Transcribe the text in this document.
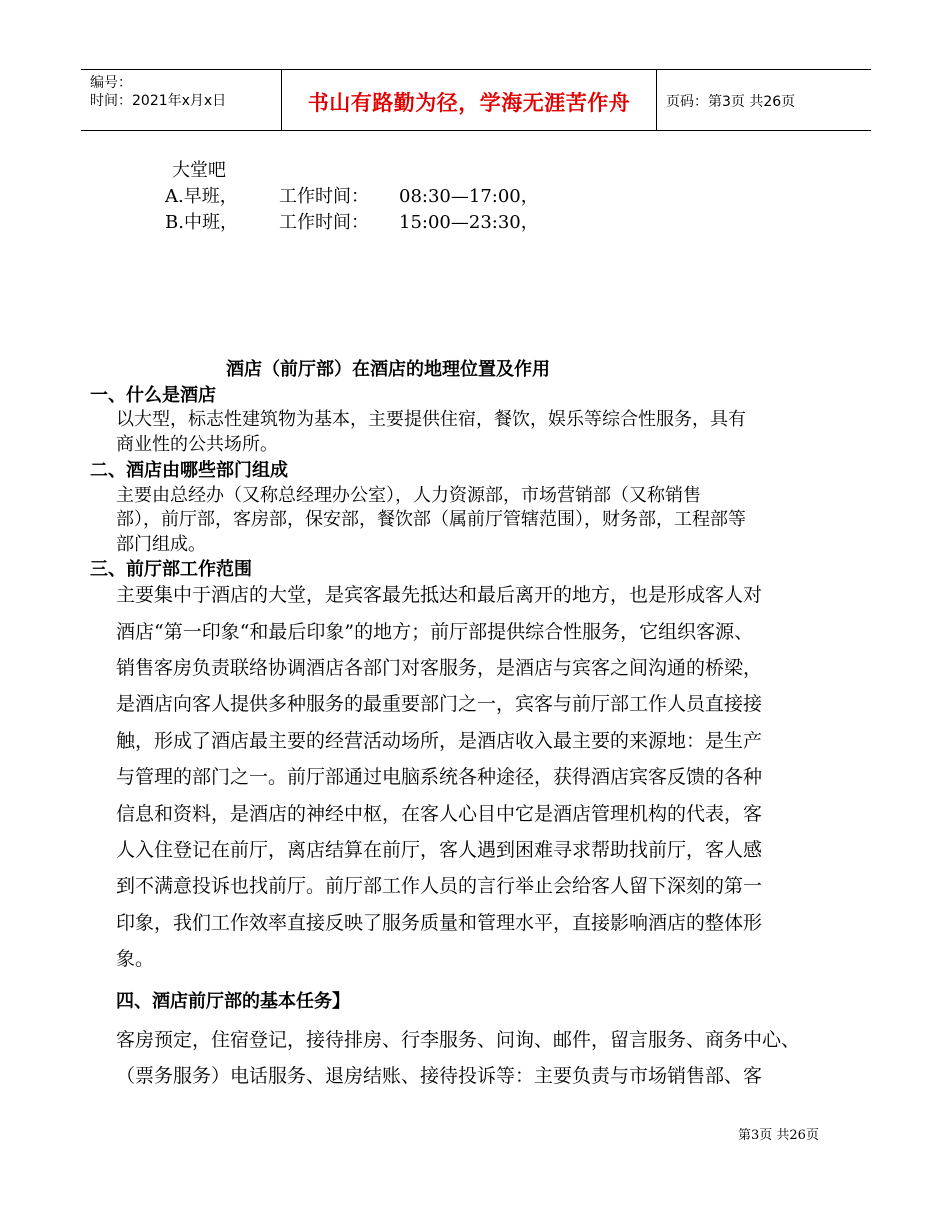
编号：
时间：2021年x月x日	书山有路勤为径，学海无涯苦作舟	页码：第3页 共26页
大堂吧
A.早班， 工作时间： 08:30—17:00，
B.中班， 工作时间： 15:00—23:30，
酒店（前厅部）在酒店的地理位置及作用
一、什么是酒店
以大型，标志性建筑物为基本，主要提供住宿，餐饮，娱乐等综合性服务，具有
商业性的公共场所。
二、酒店由哪些部门组成
主要由总经办（又称总经理办公室），人力资源部，市场营销部（又称销售
部），前厅部，客房部，保安部，餐饮部（属前厅管辖范围），财务部，工程部等
部门组成。
三、前厅部工作范围
主要集中于酒店的大堂，是宾客最先抵达和最后离开的地方，也是形成客人对
酒店“第一印象“和最后印象”的地方；前厅部提供综合性服务，它组织客源、
销售客房负责联络协调酒店各部门对客服务，是酒店与宾客之间沟通的桥梁，
是酒店向客人提供多种服务的最重要部门之一，宾客与前厅部工作人员直接接
触，形成了酒店最主要的经营活动场所，是酒店收入最主要的来源地：是生产
与管理的部门之一。前厅部通过电脑系统各种途径，获得酒店宾客反馈的各种
信息和资料，是酒店的神经中枢，在客人心目中它是酒店管理机构的代表，客
人入住登记在前厅，离店结算在前厅，客人遇到困难寻求帮助找前厅，客人感
到不满意投诉也找前厅。前厅部工作人员的言行举止会给客人留下深刻的第一
印象，我们工作效率直接反映了服务质量和管理水平，直接影响酒店的整体形
象。
四、酒店前厅部的基本任务】
客房预定，住宿登记，接待排房、行李服务、问询、邮件，留言服务、商务中心、
（票务服务）电话服务、退房结账、接待投诉等：主要负责与市场销售部、客
第3页 共26页
